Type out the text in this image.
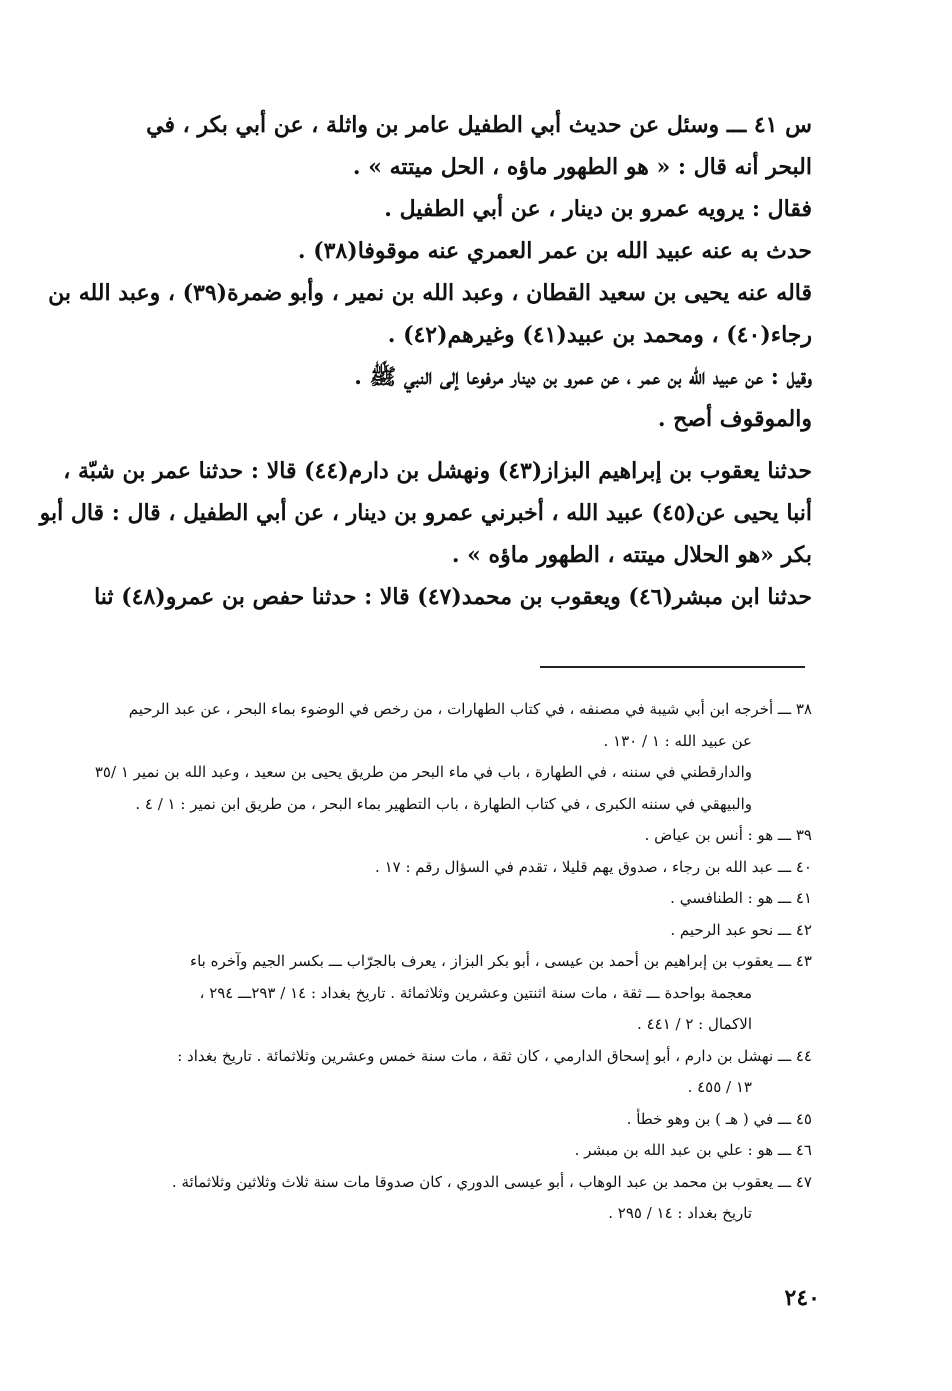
س ٤١ ـــ وسئل عن حديث أبي الطفيل عامر بن واثلة ، عن أبي بكر ، في
البحر أنه قال : « هو الطهور ماؤه ، الحل ميتته » .
فقال : يرويه عمرو بن دينار ، عن أبي الطفيل .
حدث به عنه عبيد الله بن عمر العمري عنه موقوفا(٣٨) .
قاله عنه يحيى بن سعيد القطان ، وعبد الله بن نمير ، وأبو ضمرة(٣٩) ، وعبد الله بن
رجاء(٤٠) ، ومحمد بن عبيد(٤١) وغيرهم(٤٢) .
وقيل : عن عبيد الله بن عمر ، عن عمرو بن دينار مرفوعا إلى النبي ﷺ .
والموقوف أصح .
حدثنا يعقوب بن إبراهيم البزاز(٤٣) ونهشل بن دارم(٤٤) قالا : حدثنا عمر بن شبّة ،
أنبا يحيى عن(٤٥) عبيد الله ، أخبرني عمرو بن دينار ، عن أبي الطفيل ، قال : قال أبو
بكر «هو الحلال ميتته ، الطهور ماؤه » .
حدثنا ابن مبشر(٤٦) ويعقوب بن محمد(٤٧) قالا : حدثنا حفص بن عمرو(٤٨) ثنا
٣٨ ـــ أخرجه ابن أبي شيبة في مصنفه ، في كتاب الطهارات ، من رخص في الوضوء بماء البحر ، عن عبد الرحيم
عن عبيد الله : ١ / ١٣٠ .
والدارقطني في سننه ، في الطهارة ، باب في ماء البحر من طريق يحيى بن سعيد ، وعبد الله بن نمير ١ /٣٥
والبيهقي في سننه الكبرى ، في كتاب الطهارة ، باب التطهير بماء البحر ، من طريق ابن نمير : ١ / ٤ .
٣٩ ـــ هو : أنس بن عياض .
٤٠ ـــ عبد الله بن رجاء ، صدوق يهم قليلا ، تقدم في السؤال رقم : ١٧ .
٤١ ـــ هو : الطنافسي .
٤٢ ـــ نحو عبد الرحيم .
٤٣ ـــ يعقوب بن إبراهيم بن أحمد بن عيسى ، أبو بكر البزاز ، يعرف بالجرّاب ـــ بكسر الجيم وآخره باء
معجمة بواحدة ـــ ثقة ، مات سنة اثنتين وعشرين وثلاثمائة . تاريخ بغداد : ١٤ / ٢٩٣ـــ ٢٩٤ ،
الاكمال : ٢ / ٤٤١ .
٤٤ ـــ نهشل بن دارم ، أبو إسحاق الدارمي ، كان ثقة ، مات سنة خمس وعشرين وثلاثمائة . تاريخ بغداد :
١٣ / ٤٥٥ .
٤٥ ـــ في ( هـ ) بن وهو خطأ .
٤٦ ـــ هو : علي بن عبد الله بن مبشر .
٤٧ ـــ يعقوب بن محمد بن عبد الوهاب ، أبو عيسى الدوري ، كان صدوقا مات سنة ثلاث وثلاثين وثلاثمائة .
تاريخ بغداد : ١٤ / ٢٩٥ .
٢٤٠
